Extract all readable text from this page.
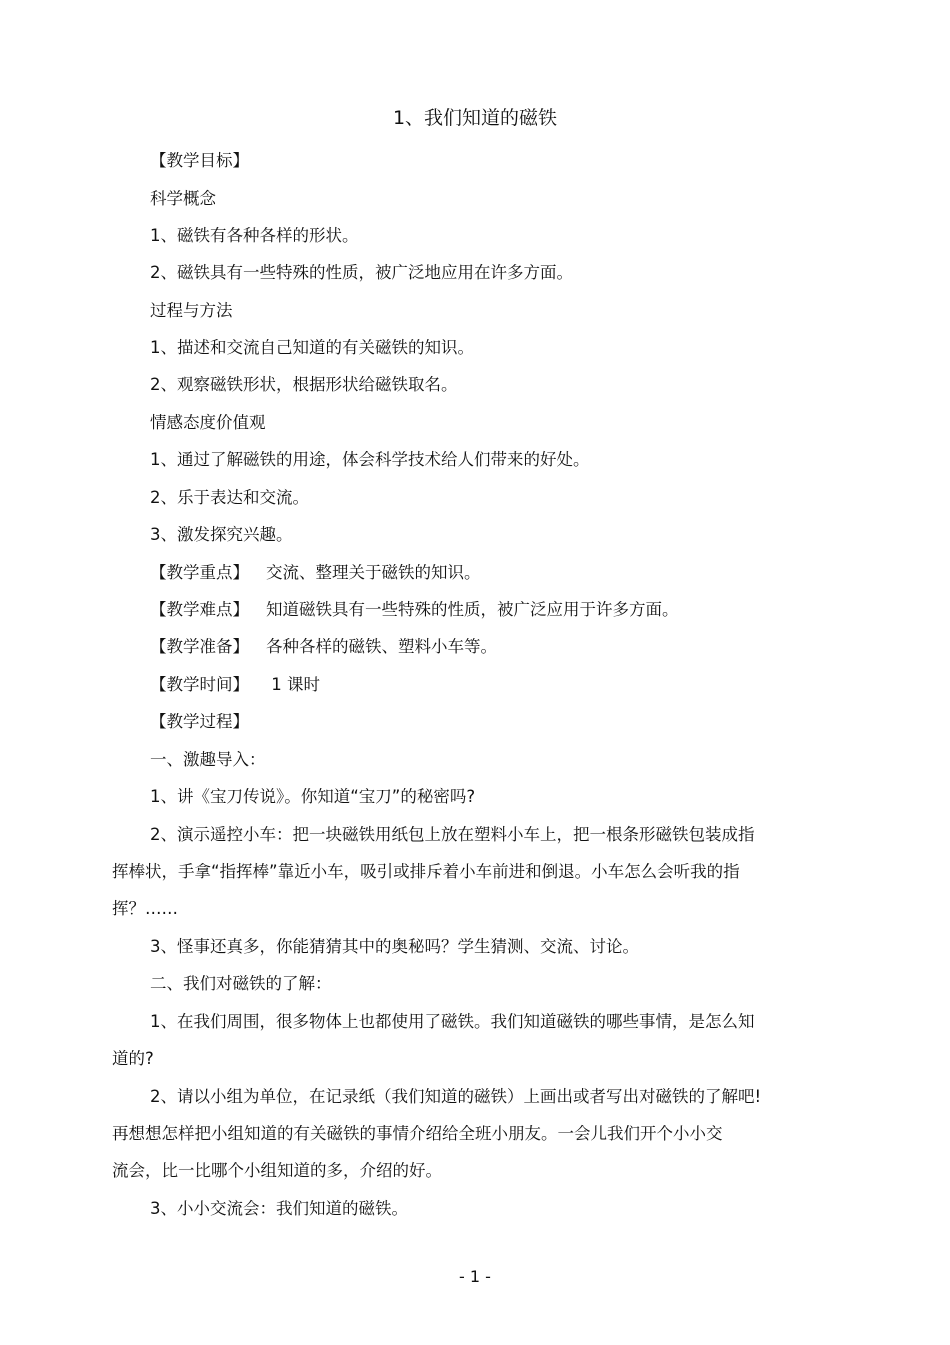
1、我们知道的磁铁

【教学目标】

科学概念

1、磁铁有各种各样的形状。

2、磁铁具有一些特殊的性质，被广泛地应用在许多方面。

过程与方法

1、描述和交流自己知道的有关磁铁的知识。

2、观察磁铁形状，根据形状给磁铁取名。

情感态度价值观

1、通过了解磁铁的用途，体会科学技术给人们带来的好处。

2、乐于表达和交流。

3、激发探究兴趣。

【教学重点】 交流、整理关于磁铁的知识。

【教学难点】 知道磁铁具有一些特殊的性质，被广泛应用于许多方面。

【教学准备】 各种各样的磁铁、塑料小车等。

【教学时间】 1 课时

【教学过程】

一、激趣导入：

1、讲《宝刀传说》。你知道“宝刀”的秘密吗?

2、演示遥控小车：把一块磁铁用纸包上放在塑料小车上，把一根条形磁铁包装成指

挥棒状，手拿“指挥棒”靠近小车，吸引或排斥着小车前进和倒退。小车怎么会听我的指

挥？……

3、怪事还真多，你能猜猜其中的奥秘吗？学生猜测、交流、讨论。

二、我们对磁铁的了解：

1、在我们周围，很多物体上也都使用了磁铁。我们知道磁铁的哪些事情，是怎么知

道的?

2、请以小组为单位，在记录纸（我们知道的磁铁）上画出或者写出对磁铁的了解吧!

再想想怎样把小组知道的有关磁铁的事情介绍给全班小朋友。一会儿我们开个小小交

流会，比一比哪个小组知道的多，介绍的好。

3、小小交流会：我们知道的磁铁。

- 1 -
